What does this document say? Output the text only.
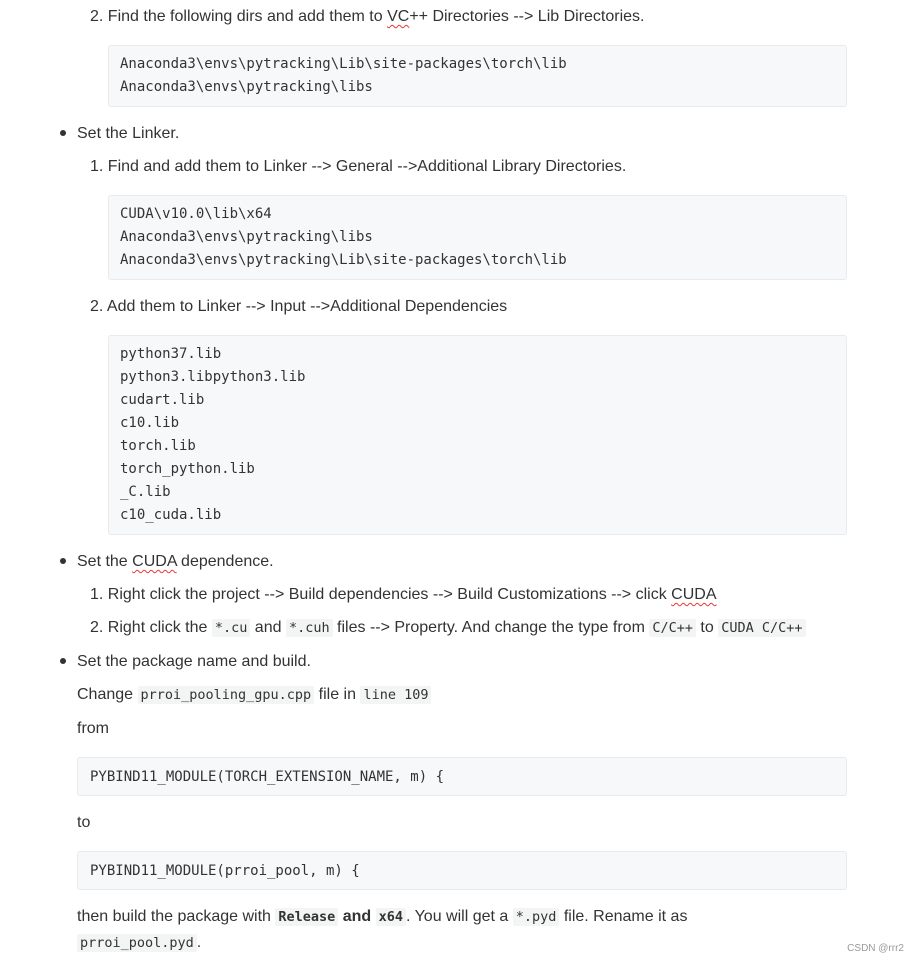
2. Find the following dirs and add them to VC++ Directories --> Lib Directories.
Anaconda3\envs\pytracking\Lib\site-packages\torch\lib
Anaconda3\envs\pytracking\libs
Set the Linker.
1. Find and add them to Linker --> General -->Additional Library Directories.
CUDA\v10.0\lib\x64
Anaconda3\envs\pytracking\libs
Anaconda3\envs\pytracking\Lib\site-packages\torch\lib
2. Add them to Linker --> Input -->Additional Dependencies
python37.lib
python3.libpython3.lib
cudart.lib
c10.lib
torch.lib
torch_python.lib
_C.lib
c10_cuda.lib
Set the CUDA dependence.
1. Right click the project --> Build dependencies --> Build Customizations --> click CUDA
2. Right click the *.cu and *.cuh files --> Property. And change the type from C/C++ to CUDA C/C++
Set the package name and build.
Change prroi_pooling_gpu.cpp file in line 109
from
PYBIND11_MODULE(TORCH_EXTENSION_NAME, m) {
to
PYBIND11_MODULE(prroi_pool, m) {
then build the package with Release and x64 . You will get a *.pyd file. Rename it as
prroi_pool.pyd .	CSDN @rrr2
